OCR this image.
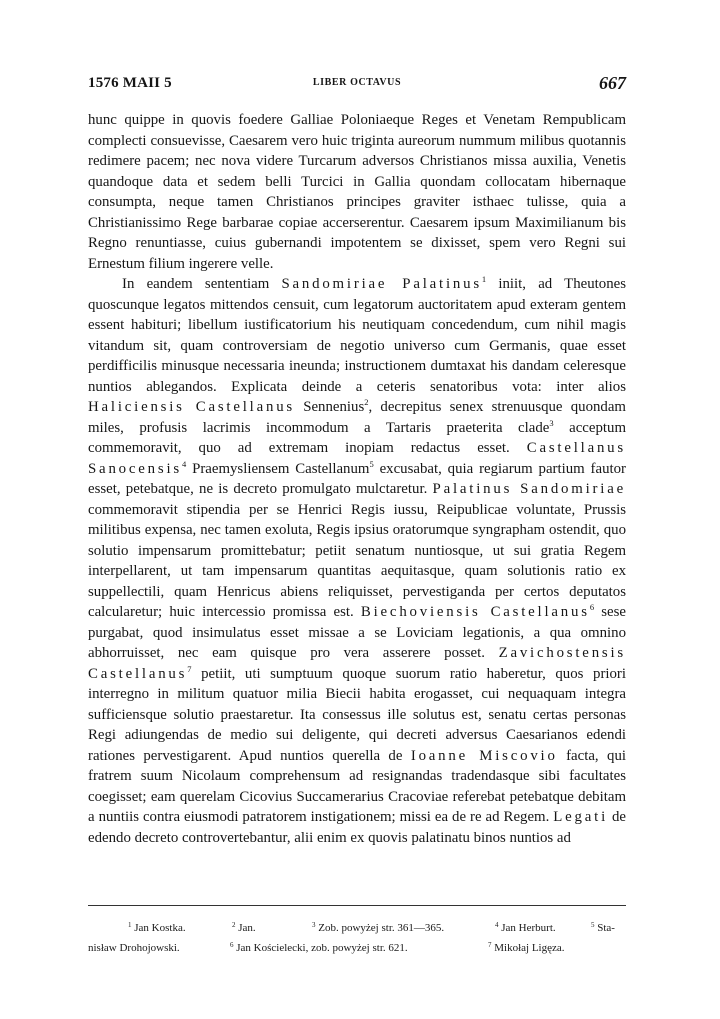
1576 MAII 5	LIBER OCTAVUS	667

hunc quippe in quovis foedere Galliae Poloniaeque Reges et Venetam Rempublicam complecti consuevisse, Caesarem vero huic triginta aureorum nummum milibus quotannis redimere pacem; nec nova videre Turcarum adversos Christianos missa auxilia, Venetis quandoque data et sedem belli Turcici in Gallia quondam collocatam hibernaque consumpta, neque tamen Christianos principes graviter isthaec tulisse, quia a Christianissimo Rege barbarae copiae accerserentur. Caesarem ipsum Maximilianum bis Regno renuntiasse, cuius gubernandi impotentem se dixisset, spem vero Regni sui Ernestum filium ingerere velle.

In eandem sententiam Sandomiriae Palatinus$^1$ iniit, ad Theutones quoscunque legatos mittendos censuit, cum legatorum auctoritatem apud exteram gentem essent habituri; libellum iustificatorium his neutiquam concedendum, cum nihil magis vitandum sit, quam controversiam de negotio universo cum Germanis, quae esset perdifficilis minusque necessaria ineunda; instructionem dumtaxat his dandam celeresque nuntios ablegandos. Explicata deinde a ceteris senatoribus vota: inter alios Haliciensis Castellanus Sennenius$^2$, decrepitus senex strenuusque quondam miles, profusis lacrimis incommodum a Tartaris praeterita clade$^3$ acceptum commemoravit, quo ad extremam inopiam redactus esset. Castellanus Sanocensis$^4$ Praemysliensem Castellanum$^5$ excusabat, quia regiarum partium fautor esset, petebatque, ne is decreto promulgato mulctaretur. Palatinus Sandomiriae commemoravit stipendia per se Henrici Regis iussu, Reipublicae voluntate, Prussis militibus expensa, nec tamen exoluta, Regis ipsius oratorumque syngrapham ostendit, quo solutio impensarum promittebatur; petiit senatum nuntiosque, ut sui gratia Regem interpellarent, ut tam impensarum quantitas aequitasque, quam solutionis ratio ex suppellectili, quam Henricus abiens reliquisset, pervestiganda per certos deputatos calcularetur; huic intercessio promissa est. Biechoviensis Castellanus$^6$ sese purgabat, quod insimulatus esset missae a se Loviciam legationis, a qua omnino abhorruisset, nec eam quisque pro vera asserere posset. Zavichostensis Castellanus$^7$ petiit, uti sumptuum quoque suorum ratio haberetur, quos priori interregno in militum quatuor milia Biecii habita erogasset, cui nequaquam integra sufficiensque solutio praestaretur. Ita consessus ille solutus est, senatu certas personas Regi adiungendas de medio sui deligente, qui decreti adversus Caesarianos edendi rationes pervestigarent. Apud nuntios querella de Ioanne Miscovio facta, qui fratrem suum Nicolaum comprehensum ad resignandas tradendasque sibi facultates coegisset; eam querelam Cicovius Succamerarius Cracoviae referebat petebatque debitam a nuntiis contra eiusmodi patratorem instigationem; missi ea de re ad Regem. Legati de edendo decreto controvertebantur, alii enim ex quovis palatinatu binos nuntios ad

$^1$ Jan Kostka.	$^2$ Jan.	$^3$ Zob. powyżej str. 361—365.	$^4$ Jan Herburt.	$^5$ Sta-
nisław Drohojowski.	$^6$ Jan Kościelecki, zob. powyżej str. 621.	$^7$ Mikołaj Ligęza.
